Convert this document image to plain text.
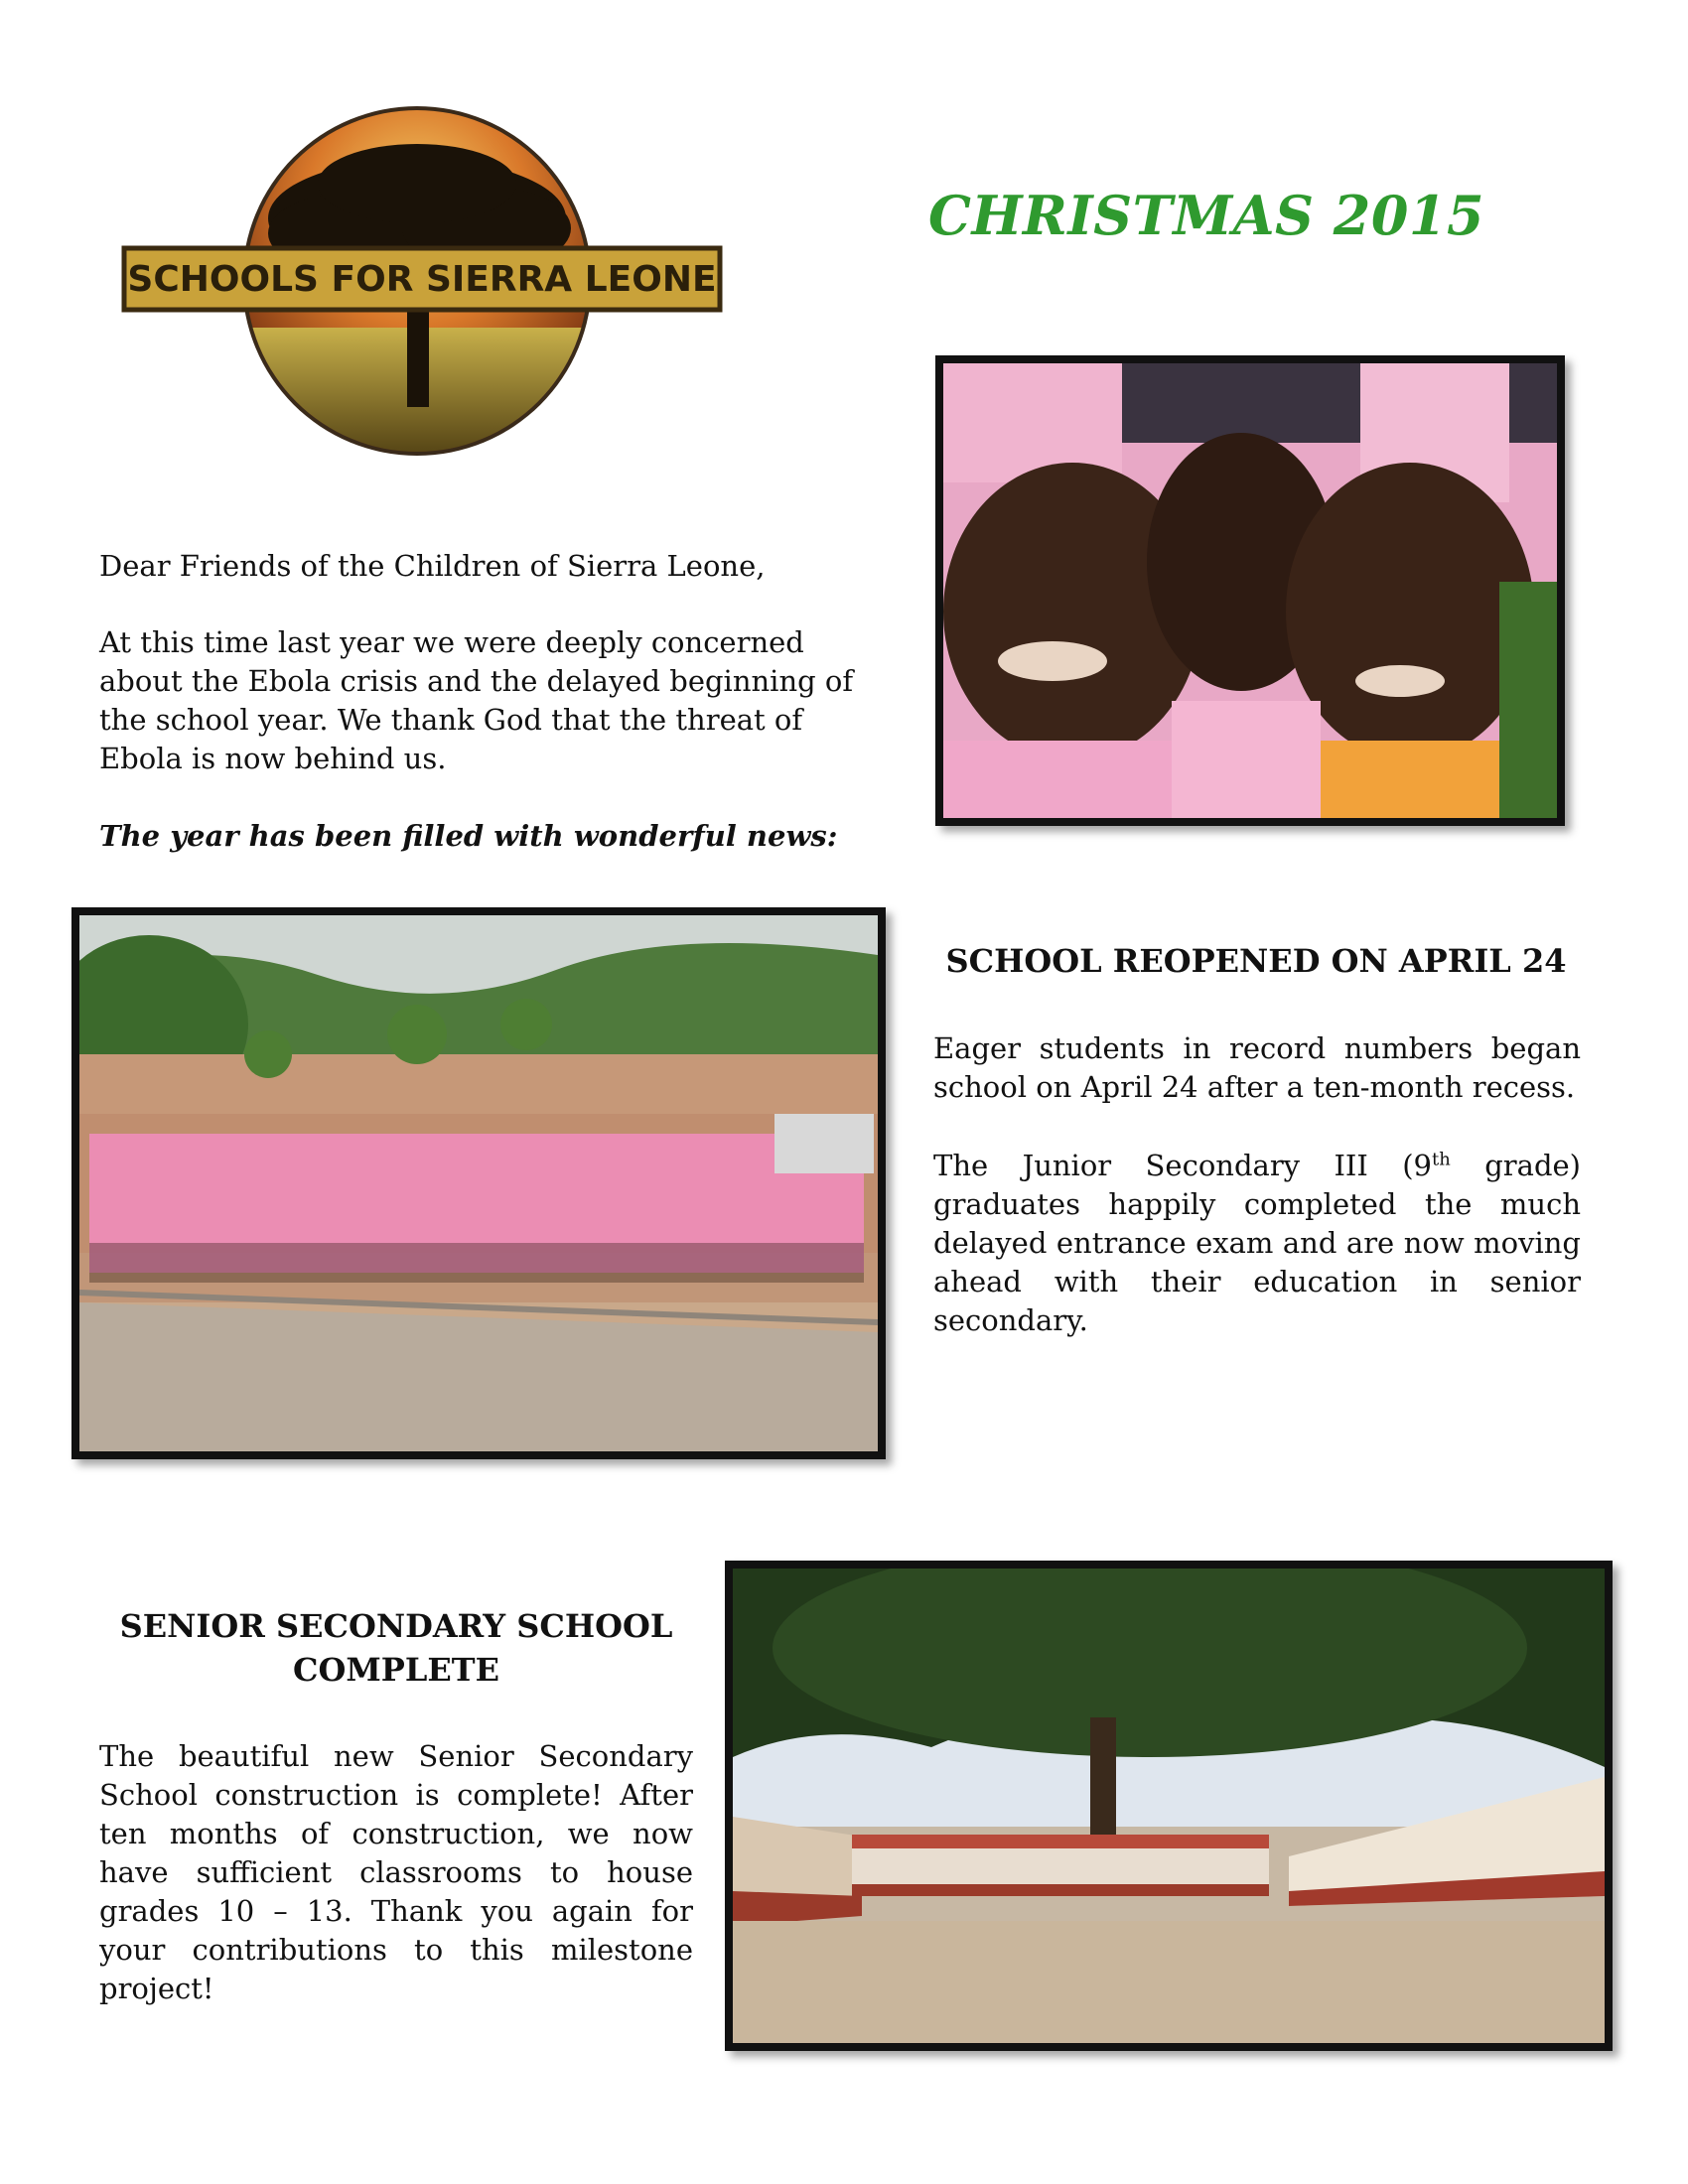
SCHOOLS FOR SIERRA LEONE
CHRISTMAS 2015
Dear Friends of the Children of Sierra Leone,
At this time last year we were deeply concerned about the Ebola crisis and the delayed beginning of the school year. We thank God that the threat of Ebola is now behind us.
The year has been filled with wonderful news:
SCHOOL REOPENED ON APRIL 24
Eager students in record numbers began school on April 24 after a ten-month recess.
The Junior Secondary III (9th grade) graduates happily completed the much delayed entrance exam and are now moving ahead with their education in senior secondary.
SENIOR SECONDARY SCHOOL COMPLETE
The beautiful new Senior Secondary School construction is complete! After ten months of construction, we now have sufficient classrooms to house grades 10 – 13. Thank you again for your contributions to this milestone project!
